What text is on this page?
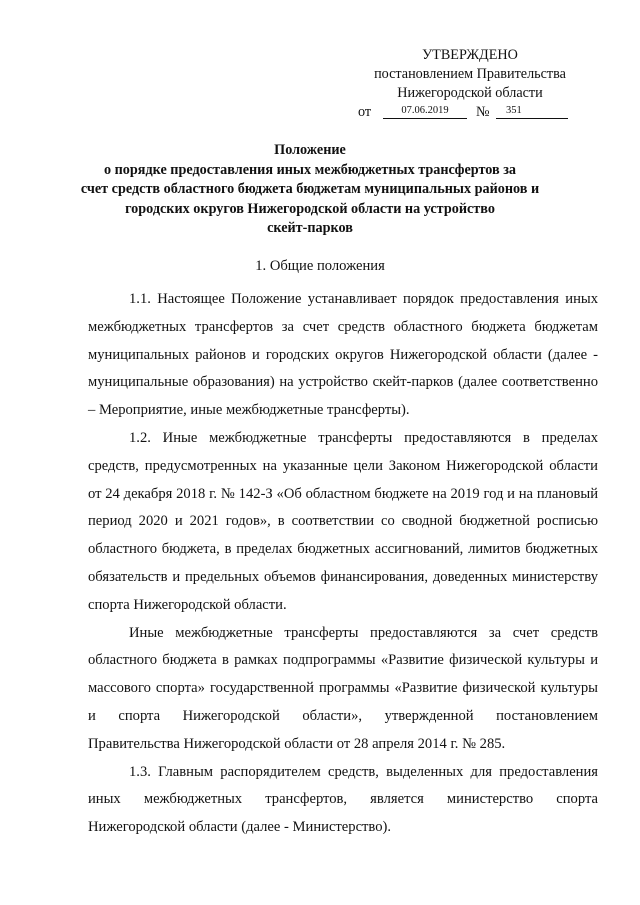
УТВЕРЖДЕНО
постановлением Правительства
Нижегородской области
от	07.06.2019	№	351
Положение
о порядке предоставления иных межбюджетных трансфертов за
счет средств областного бюджета бюджетам муниципальных районов и
городских округов Нижегородской области на устройство
скейт-парков
1. Общие положения

1.1. Настоящее Положение устанавливает порядок предоставления иных межбюджетных трансфертов за счет средств областного бюджета бюджетам муниципальных районов и городских округов Нижегородской области (далее - муниципальные образования) на устройство скейт-парков (далее соответственно – Мероприятие, иные межбюджетные трансферты).

1.2. Иные межбюджетные трансферты предоставляются в пределах средств, предусмотренных на указанные цели Законом Нижегородской области от 24 декабря 2018 г. № 142-З «Об областном бюджете на 2019 год и на плановый период 2020 и 2021 годов», в соответствии со сводной бюджетной росписью областного бюджета, в пределах бюджетных ассигнований, лимитов бюджетных обязательств и предельных объемов финансирования, доведенных министерству спорта Нижегородской области.

Иные межбюджетные трансферты предоставляются за счет средств областного бюджета в рамках подпрограммы «Развитие физической культуры и массового спорта» государственной программы «Развитие физической культуры и спорта Нижегородской области», утвержденной постановлением Правительства Нижегородской области от 28 апреля 2014 г. № 285.

1.3. Главным распорядителем средств, выделенных для предоставления иных межбюджетных трансфертов, является министерство спорта Нижегородской области (далее - Министерство).
